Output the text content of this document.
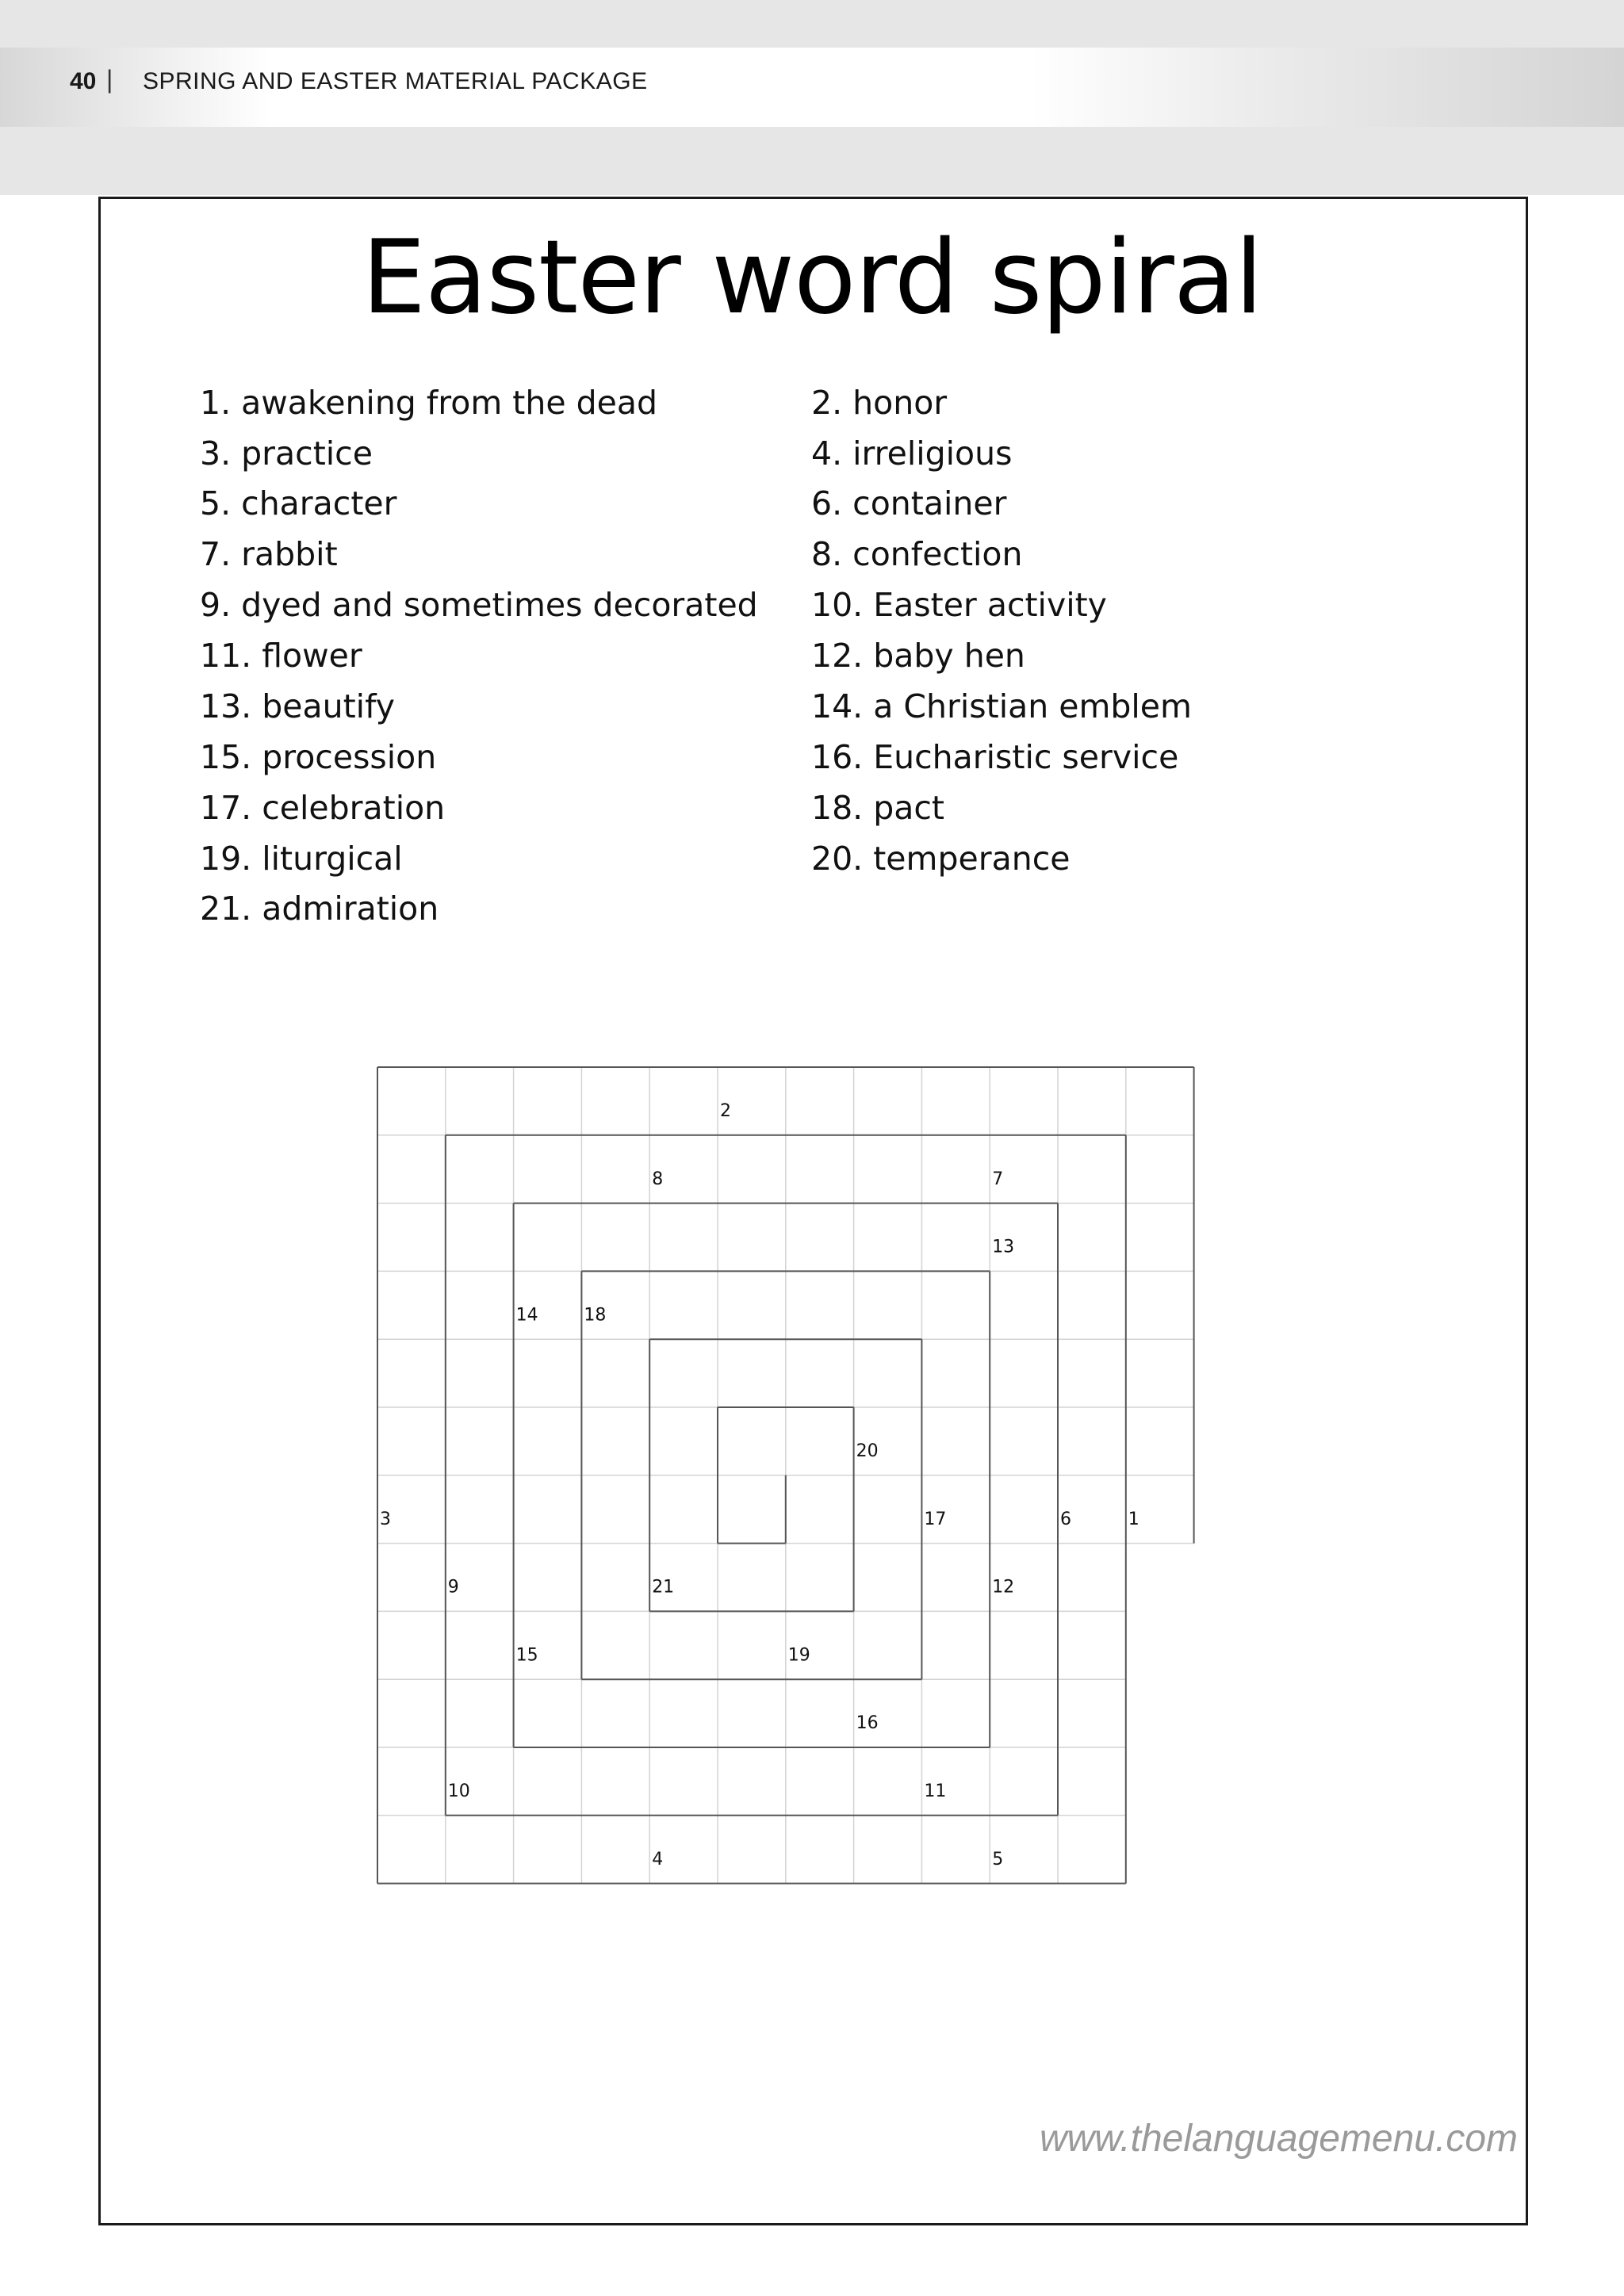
40 | SPRING AND EASTER MATERIAL PACKAGE
Easter word spiral
1. awakening from the dead
3. practice
5. character
7. rabbit
9. dyed and sometimes decorated
11. flower
13. beautify
15. procession
17. celebration
19. liturgical
21. admiration
2. honor
4. irreligious
6. container
8. confection
10. Easter activity
12. baby hen
14. a Christian emblem
16. Eucharistic service
18. pact
20. temperance
2
8	7
13
14	18
20
3	17	6	1
9	21	12
15	19
16
10	11
4	5
www.thelanguagemenu.com
